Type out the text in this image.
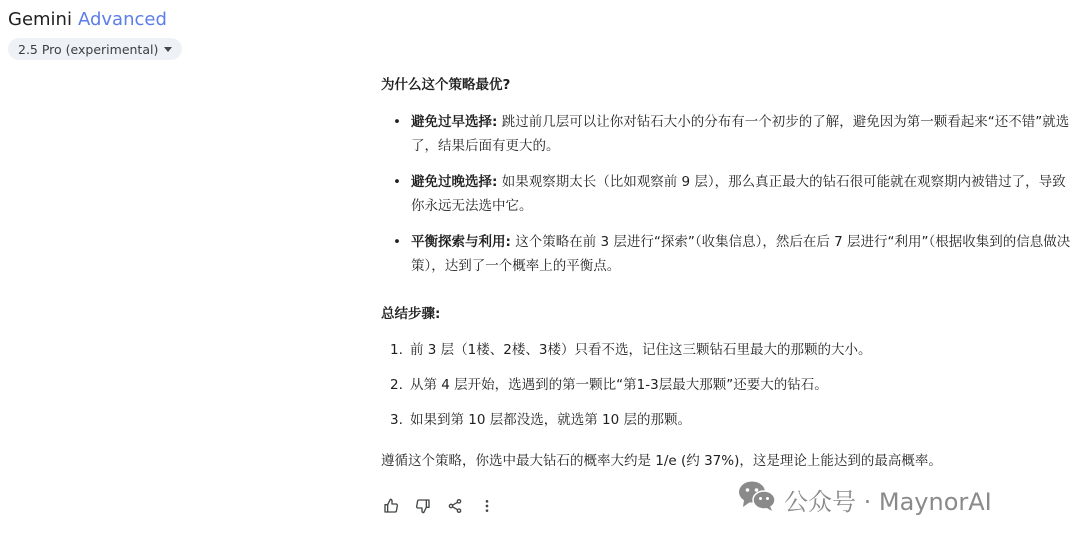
Gemini Advanced
2.5 Pro (experimental)

为什么这个策略最优?

• 避免过早选择: 跳过前几层可以让你对钻石大小的分布有一个初步的了解，避免因为第一颗看起来“还不错”就选了，结果后面有更大的。
• 避免过晚选择: 如果观察期太长（比如观察前 9 层），那么真正最大的钻石很可能就在观察期内被错过了，导致你永远无法选中它。
• 平衡探索与利用: 这个策略在前 3 层进行“探索”（收集信息），然后在后 7 层进行“利用”（根据收集到的信息做决策），达到了一个概率上的平衡点。

总结步骤:

1. 前 3 层（1楼、2楼、3楼）只看不选，记住这三颗钻石里最大的那颗的大小。
2. 从第 4 层开始，选遇到的第一颗比“第1-3层最大那颗”还要大的钻石。
3. 如果到第 10 层都没选，就选第 10 层的那颗。

遵循这个策略，你选中最大钻石的概率大约是 1/e (约 37%)，这是理论上能达到的最高概率。

公众号 · MaynorAI
